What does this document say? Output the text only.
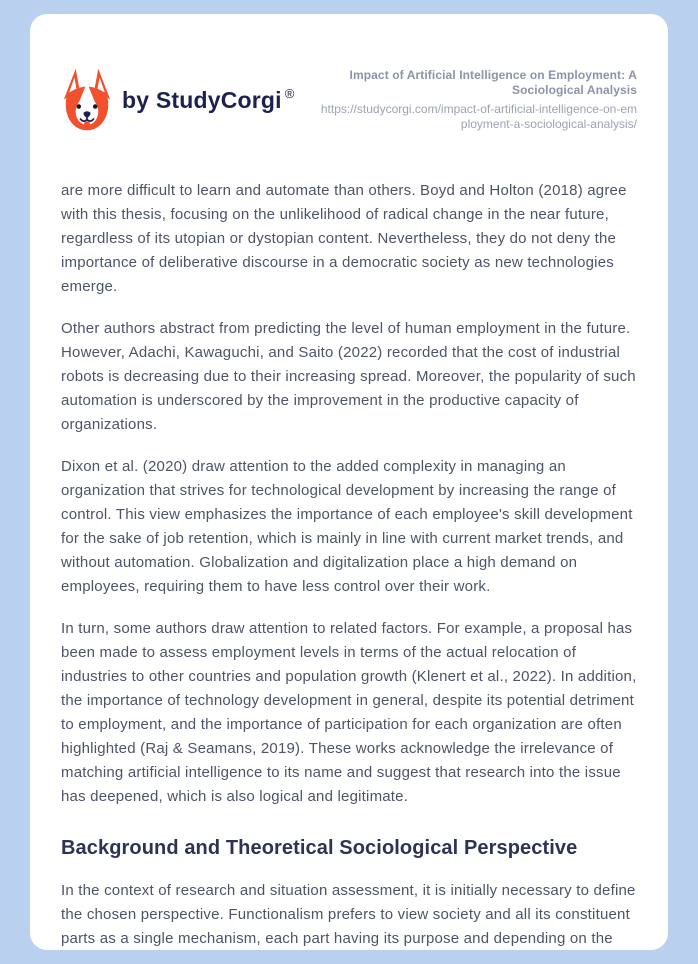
by StudyCorgi ®
Impact of Artificial Intelligence on Employment: A Sociological Analysis
https://studycorgi.com/impact-of-artificial-intelligence-on-employment-a-sociological-analysis/

are more difficult to learn and automate than others. Boyd and Holton (2018) agree with this thesis, focusing on the unlikelihood of radical change in the near future, regardless of its utopian or dystopian content. Nevertheless, they do not deny the importance of deliberative discourse in a democratic society as new technologies emerge.

Other authors abstract from predicting the level of human employment in the future. However, Adachi, Kawaguchi, and Saito (2022) recorded that the cost of industrial robots is decreasing due to their increasing spread. Moreover, the popularity of such automation is underscored by the improvement in the productive capacity of organizations.

Dixon et al. (2020) draw attention to the added complexity in managing an organization that strives for technological development by increasing the range of control. This view emphasizes the importance of each employee's skill development for the sake of job retention, which is mainly in line with current market trends, and without automation. Globalization and digitalization place a high demand on employees, requiring them to have less control over their work.

In turn, some authors draw attention to related factors. For example, a proposal has been made to assess employment levels in terms of the actual relocation of industries to other countries and population growth (Klenert et al., 2022). In addition, the importance of technology development in general, despite its potential detriment to employment, and the importance of participation for each organization are often highlighted (Raj & Seamans, 2019). These works acknowledge the irrelevance of matching artificial intelligence to its name and suggest that research into the issue has deepened, which is also logical and legitimate.

Background and Theoretical Sociological Perspective

In the context of research and situation assessment, it is initially necessary to define the chosen perspective. Functionalism prefers to view society and all its constituent parts as a single mechanism, each part having its purpose and depending on the
